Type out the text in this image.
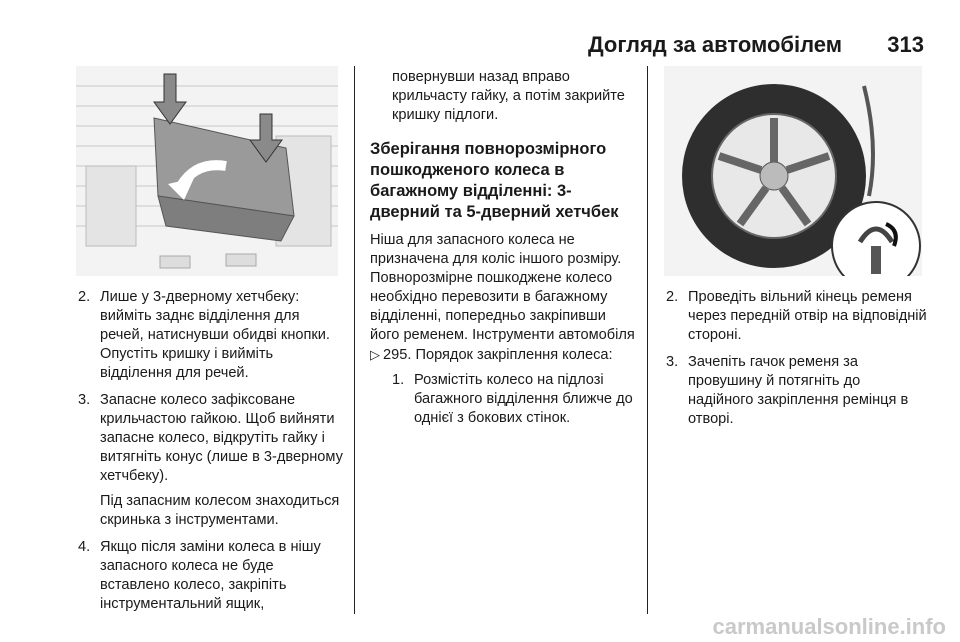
Догляд за автомобілем 313
2. Лише у 3-дверному хетчбеку: вийміть заднє відділення для речей, натиснувши обидві кнопки. Опустіть кришку і вийміть відділення для речей.
3. Запасне колесо зафіксоване крильчастою гайкою. Щоб вийняти запасне колесо, відкрутіть гайку і витягніть конус (лише в 3-дверному хетчбеку).
Під запасним колесом знаходиться скринька з інструментами.
4. Якщо після заміни колеса в нішу запасного колеса не буде вставлено колесо, закріпіть інструментальний ящик,
повернувши назад вправо крильчасту гайку, а потім закрийте кришку підлоги.
Зберігання повнорозмірного пошкодженого колеса в багажному відділенні: 3-дверний та 5-дверний хетчбек

Ніша для запасного колеса не призначена для коліс іншого розміру. Повнорозмірне пошкоджене колесо необхідно перевозити в багажному відділенні, попередньо закріпивши його ременем. Інструменти автомобіля
▷ 295. Порядок закріплення колеса:

1. Розмістіть колесо на підлозі багажного відділення ближче до однієї з бокових стінок.
2. Проведіть вільний кінець ременя через передній отвір на відповідній стороні.
3. Зачепіть гачок ременя за провушину й потягніть до надійного закріплення ремінця в отворі.
carmanualsonline.info
